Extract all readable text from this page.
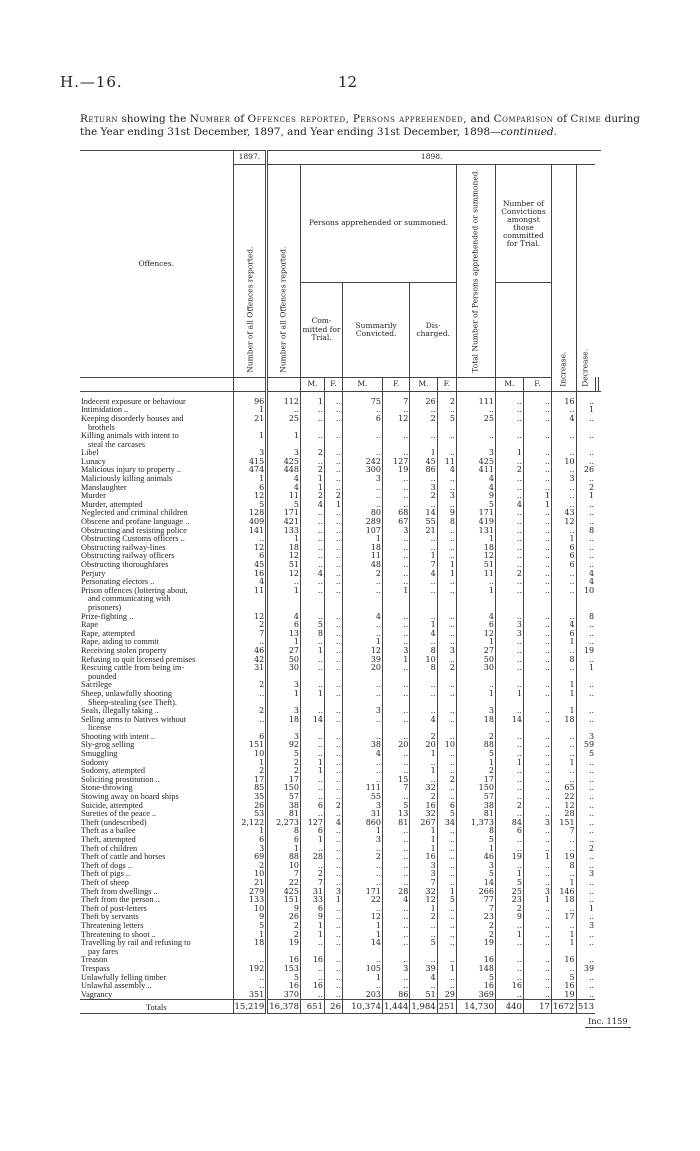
H.—16.	12
Return showing the Number of Offences reported, Persons apprehended, and Comparison of Crime during the Year ending 31st December, 1897, and Year ending 31st December, 1898—continued.
Offences.	1897.	1898.													
	Number of all Offences reported.	Number of all Offences reported.	Persons apprehended or summoned.						Total Number of Persons apprehended or summoned.	Number of Convictions amongst those committed for Trial.		Increase.	Decrease.		
			Com-mitted for Trial.		Summarily Convicted.		Dis-charged.								
			M.	F.	M.	F.	M.	F.		M.	F.				

Indecent exposure or behaviour	96	112	1	..	75	7	26	2	111	..	..	16	..		
Intimidation ..	1	..	..	..	..	..	..	..	..	..	..	..	1		
Keeping disorderly houses and	21	25	..	..	6	12	2	5	25	..	..	4	..		
brothels															
Killing animals with intent to	1	1	..	..	..	..	..	..	..	..	..	..	..		
steal the carcases															
Libel	3	3	2	..	..	..	1	..	3	1	..	..	..		
Lunacy	415	425	..	..	242	127	45	11	425	..	..	10	..		
Malicious injury to property ..	474	448	2	..	300	19	86	4	411	2	..	..	26		
Maliciously killing animals	1	4	1	..	3	..	..	..	4	..	..	3	..		
Manslaughter	6	4	1	..	..	..	3	..	4	..	..	..	2		
Murder	12	11	2	2	..	..	2	3	9	..	1	..	1		
Murder, attempted	5	5	4	1	..	..	..	..	5	4	1	..	..		
Neglected and criminal children	128	171	..	..	80	68	14	9	171	..	..	43	..		
Obscene and profane language ..	409	421	..	..	289	67	55	8	419	..	..	12	..		
Obstructing and resisting police	141	133	..	..	107	3	21	..	131	..	..	..	8		
Obstructing Customs officers ..	..	1	..	..	1	..	..	..	1	..	..	1	..		
Obstructing railway-lines	12	18	..	..	18	..	..	..	18	..	..	6	..		
Obstructing railway officers	6	12	..	..	11	..	1	..	12	..	..	6	..		
Obstructing thoroughfares	45	51	..	..	48	..	7	1	51	..	..	6	..		
Perjury	16	12	4	..	2	..	4	1	11	2	..	..	4		
Personating electors ..	4	..	..	..	..	..	..	..	..	..	..	..	4		
Prison offences (loitering about,	11	1	..	..	..	1	..	..	1	..	..	..	10		
and communicating with															
prisoners)															
Prize-fighting ..	12	4	..	..	4	..	..	..	4	..	..	..	8		
Rape	2	6	5	..	..	..	1	..	6	3	..	4	..		
Rape, attempted	7	13	8	..	..	..	4	..	12	3	..	6	..		
Rape, aiding to commit	..	1	..	..	1	..	..	..	1	..	..	1	..		
Receiving stolen property	46	27	1	..	12	3	8	3	27	..	..	..	19		
Refusing to quit licensed premises	42	50	..	..	39	1	10	..	50	..	..	8	..		
Rescuing cattle from being im-	31	30	..	..	20	..	8	2	30	..	..	..	1		
pounded															
Sacrilege	2	3	..	..	..	..	..	..	..	..	..	1	..		
Sheep, unlawfully shooting	..	1	1	..	..	..	..	..	1	1	..	1	..		
Sheep-stealing (see Theft).															
Seals, illegally taking ..	2	3	..	..	3	..	..	..	3	..	..	1	..		
Selling arms to Natives without	..	18	14	..	..	..	4	..	18	14	..	18	..		
license															
Shooting with intent ..	6	3	..	..	..	..	2	..	2	..	..	..	3		
Sly-grog selling	151	92	..	..	38	20	20	10	88	..	..	..	59		
Smuggling	10	5	..	..	4	..	1	..	5	..	..	..	5		
Sodomy	1	2	1	..	..	..	..	..	1	1	..	1	..		
Sodomy, attempted	2	2	1	..	..	..	1	..	2	..	..	..	..		
Soliciting prostitution ..	17	17	..	..	..	15	..	2	17	..	..	..	..		
Stone-throwing	85	150	..	..	111	7	32	..	150	..	..	65	..		
Stowing away on board ships	35	57	..	..	55	..	2	..	57	..	..	22	..		
Suicide, attempted	26	38	6	2	3	5	16	6	38	2	..	12	..		
Sureties of the peace ..	53	81	..	..	31	13	32	5	81	..	..	28	..		
Theft (undescribed)	2,122	2,273	127	4	860	81	267	34	1,373	84	3	151	..		
Theft as a bailee	1	8	6	..	1	..	1	..	8	6	..	7	..		
Theft, attempted	6	6	1	..	3	..	1	..	5	..	..	..	..		
Theft of children	3	1	..	..	..	..	1	..	1	..	..	..	2		
Theft of cattle and horses	69	88	28	..	2	..	16	..	46	19	1	19	..		
Theft of dogs ..	2	10	..	..	..	..	3	..	3	..	..	8	..		
Theft of pigs ..	10	7	2	..	..	..	3	..	5	1	..	..	3		
Theft of sheep	21	22	7	..	..	..	7	..	14	5	..	1	..		
Theft from dwellings ..	279	425	31	3	171	28	32	1	266	25	3	146	..		
Theft from the person ..	133	151	33	1	22	4	12	5	77	23	1	18	..		
Theft of post-letters	10	9	6	..	..	..	1	..	7	2	..	..	1		
Theft by servants	9	26	9	..	12	..	2	..	23	9	..	17	..		
Threatening letters	5	2	1	..	1	..	..	..	2	..	..	..	3		
Threatening to shoot ..	1	2	1	..	1	..	..	..	2	1	..	1	..		
Travelling by rail and refusing to	18	19	..	..	14	..	5	..	19	..	..	1	..		
pay fares															
Treason	..	16	16	..	..	..	..	..	16	..	..	16	..		
Trespass	192	153	..	..	105	3	39	1	148	..	..	..	39		
Unlawfully felling timber	..	5	..	..	1	..	4	..	5	..	..	5	..		
Unlawful assembly ..	..	16	16	..	..	..	..	..	16	16	..	16	..		
Vagrancy	351	370	..	..	203	86	51	29	369	..	..	19	..		
Totals	15,219	16,378	651	26	10,374	1,444	1,984	251	14,730	440	17	1672	513		
Inc. 1159
